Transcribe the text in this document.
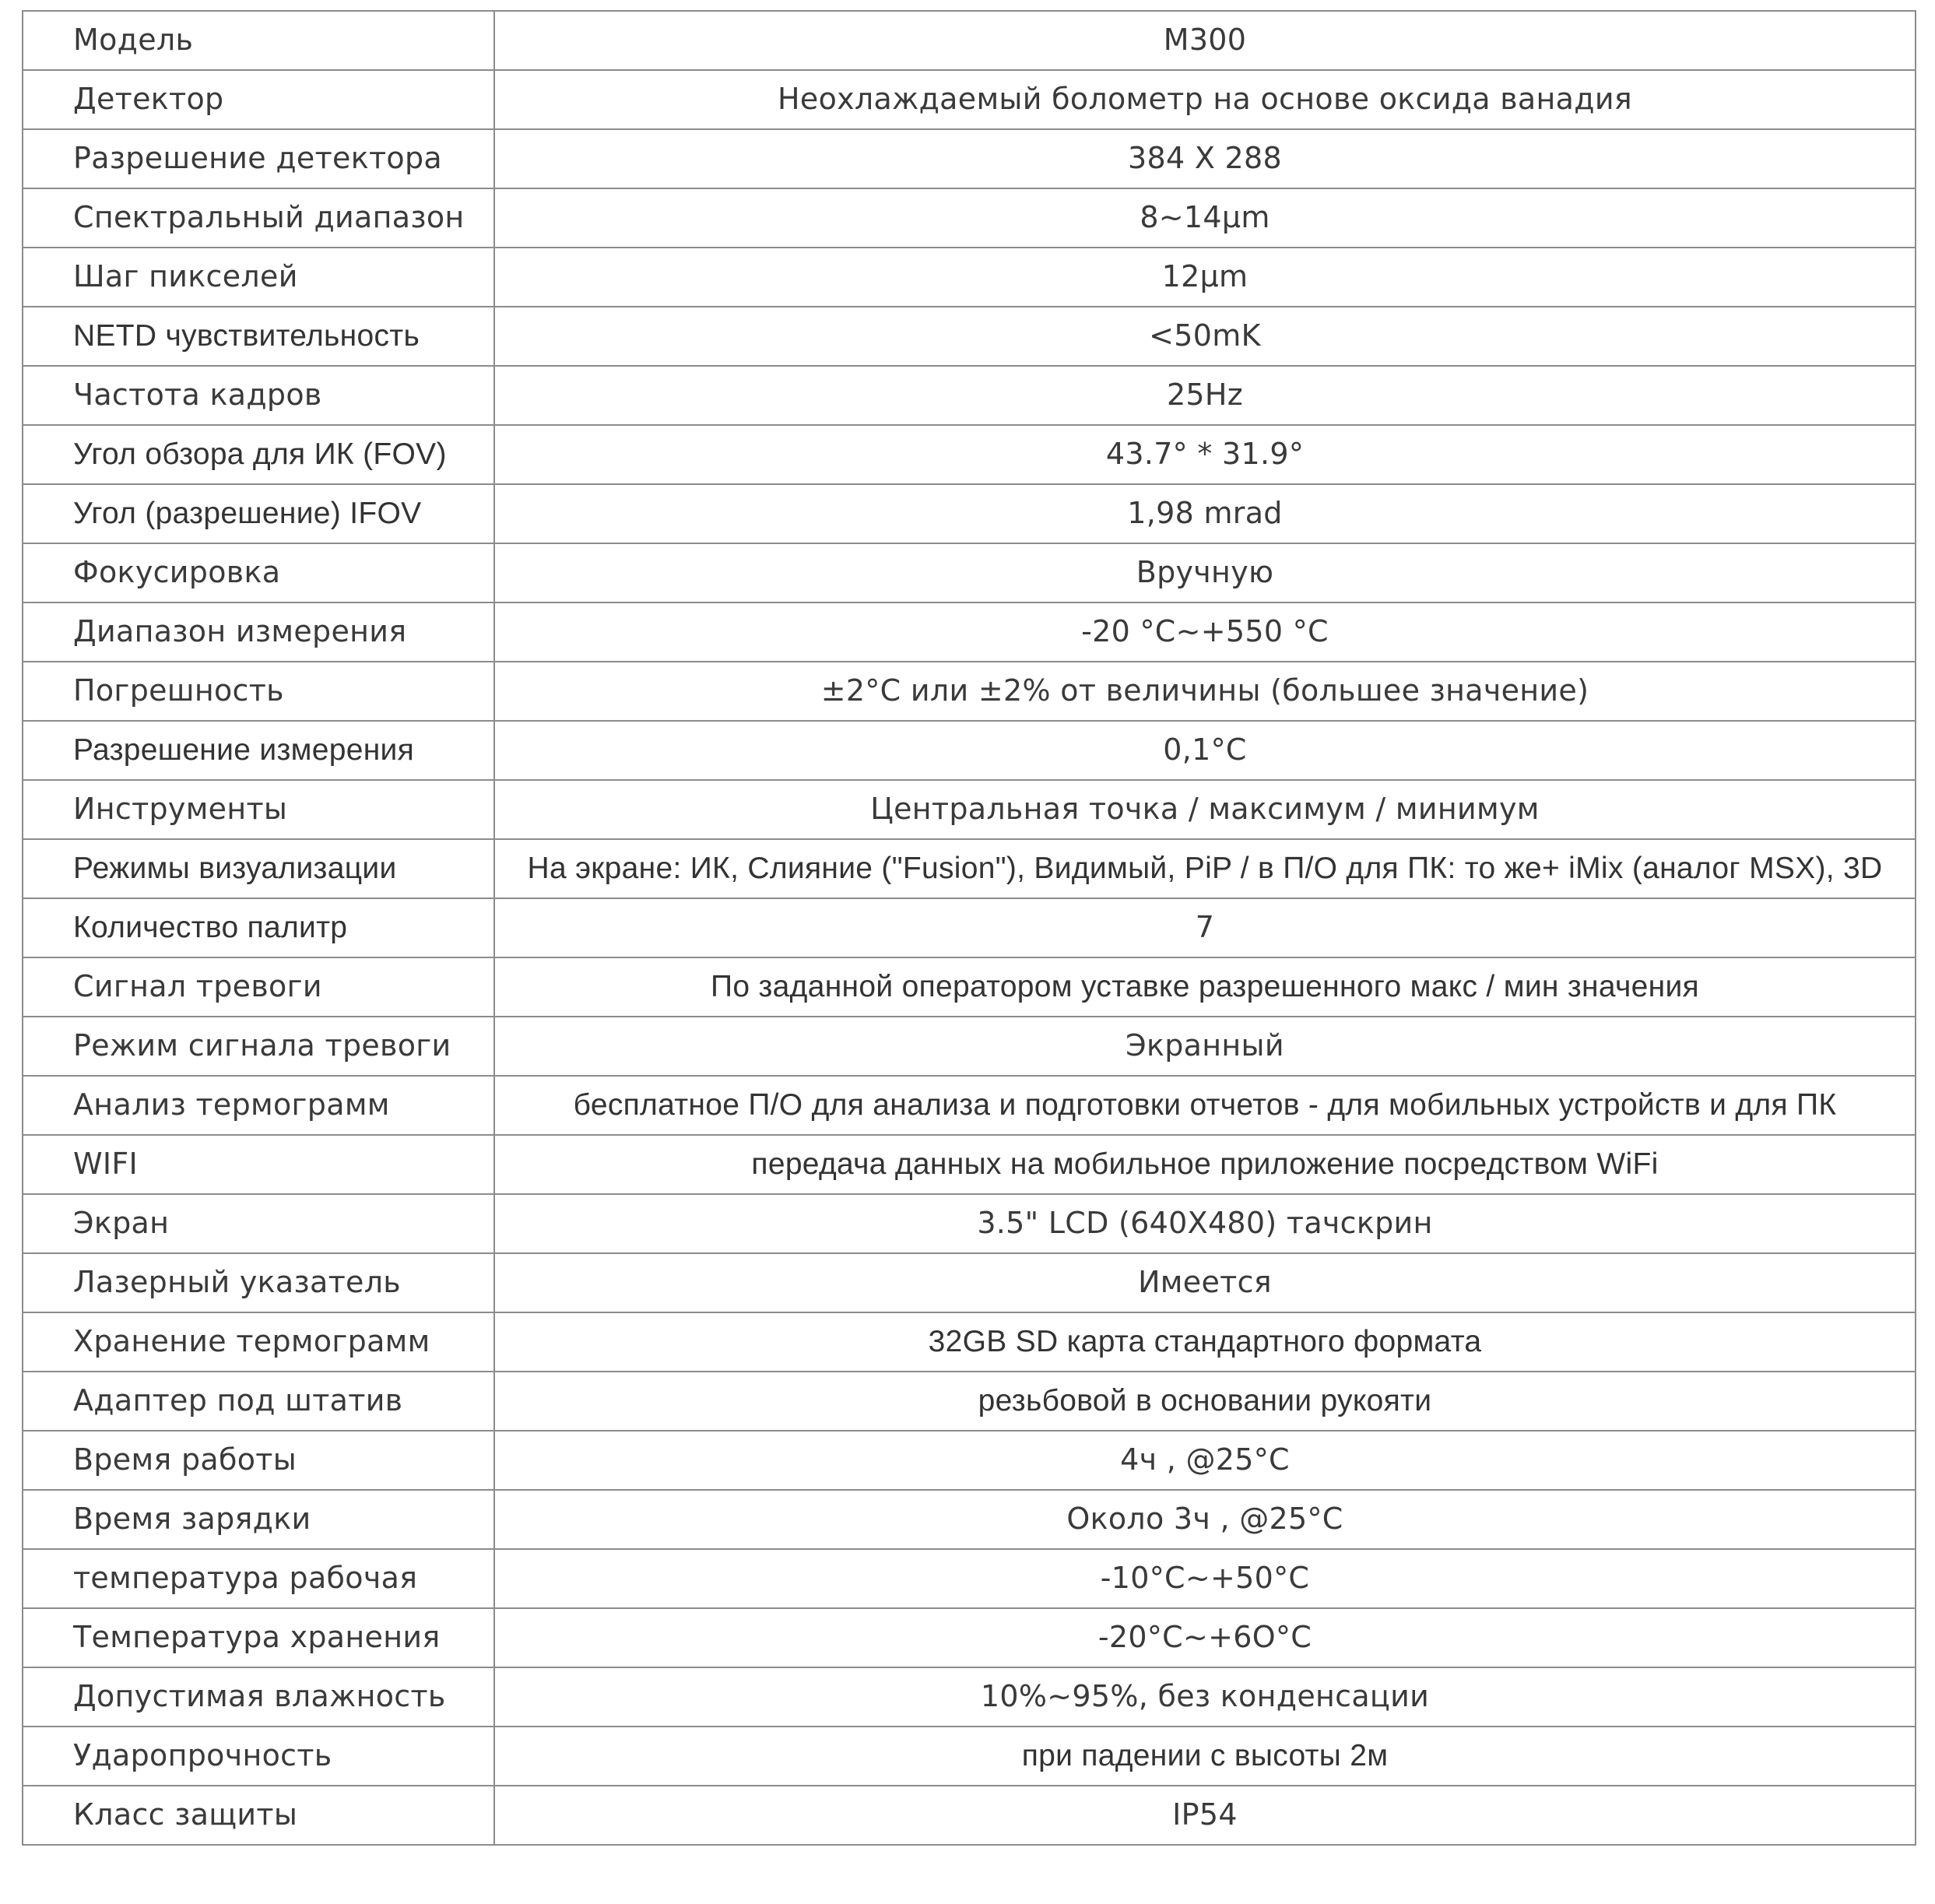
Модель	M300
Детектор	Неохлаждаемый болометр на основе оксида ванадия
Разрешение детектора	384 X 288
Спектральный диапазон	8~14μm
Шаг пикселей	12μm
NETD чувствительность	<50mK
Частота кадров	25Hz
Угол обзора для ИК (FOV)	43.7° * 31.9°
Угол (разрешение) IFOV	1,98 mrad
Фокусировка	Вручную
Диапазон измерения	-20 °C~+550 °C
Погрешность	±2°C или ±2% от величины (большее значение)
Разрешение измерения	0,1°C
Инструменты	Центральная точка / максимум / минимум
Режимы визуализации	На экране: ИК, Слияние ("Fusion"), Видимый, PiP / в П/О для ПК: то же+ iMix (аналог MSX), 3D
Количество палитр	7
Сигнал тревоги	По заданной оператором уставке разрешенного макс / мин значения
Режим сигнала тревоги	Экранный
Анализ термограмм	бесплатное П/О для анализа и подготовки отчетов - для мобильных устройств и для ПК
WIFI	передача данных на мобильное приложение посредством WiFi
Экран	3.5" LCD (640X480) тачскрин
Лазерный указатель	Имеется
Хранение термограмм	32GB SD карта стандартного формата
Адаптер под штатив	резьбовой в основании рукояти
Время работы	4ч , @25°C
Время зарядки	Около 3ч , @25°C
температура рабочая	-10°C~+50°C
Температура хранения	-20°C~+6O°C
Допустимая влажность	10%~95%, без конденсации
Ударопрочность	при падении с высоты 2м
Класс защиты	IP54
